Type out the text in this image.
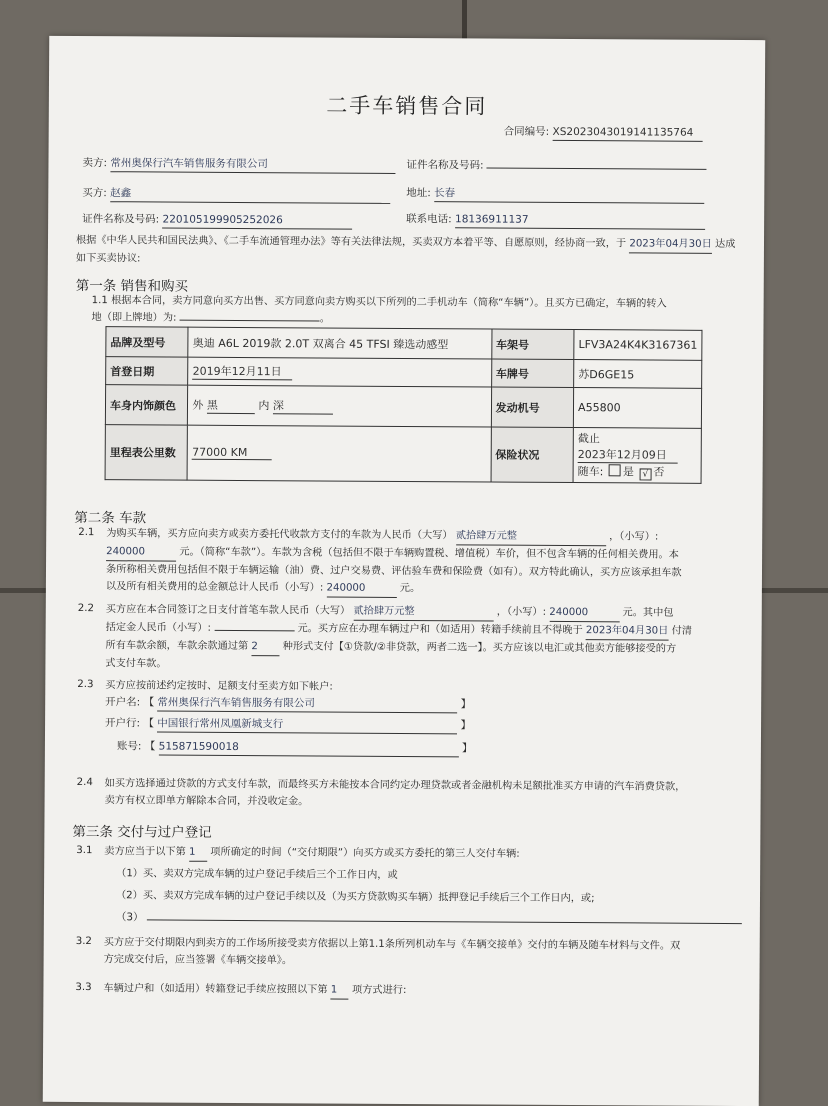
二手车销售合同
合同编号: XS20230430191411357​64
卖方: 常州奥保行汽车销售服务有限公司	证件名称及号码:
买方: 赵鑫	地址: 长春
证件名称及号码: 220105199905252026	联系电话: 18136911137
根据《中华人民共和国民法典》、《二手车流通管理办法》等有关法律法规，买卖双方本着平等、自愿原则，经协商一致，于 2023年04月30日 达成如下买卖协议:
第一条 销售和购买
1.1 根据本合同，卖方同意向买方出售、买方同意向卖方购买以下所列的二手机动车（简称“车辆”）。且买方已确定，车辆的转入
地（即上牌地）为:	。
品牌及型号	奥迪 A6L 2019款 2.0T 双离合 45 TFSI 臻选动感型	车架号	LFV3A24K4K3167361
首登日期	2019年12月11日	车牌号	苏D6GE15
车身内饰颜色	外 黑 内 深	发动机号	A55800
里程表公里数	77000 KM	保险状况	截止 2023年12月09日
随车: 是 √ 否
第二条 车款
2.1 为购买车辆，买方应向卖方或卖方委托代收款方支付的车款为人民币（大写） 贰拾肆万元整	，（小写）:
240000	元。（简称“车款”）。车款为含税（包括但不限于车辆购置税、增值税）车价，但不包含车辆的任何相关费用。本
条所称相关费用包括但不限于车辆运输（油）费、过户交易费、评估验车费和保险费（如有）。双方特此确认，买方应该承担车款
以及所有相关费用的总金额总计人民币（小写）: 240000	元。
2.2 买方应在本合同签订之日支付首笔车款人民币（大写） 贰拾肆万元整	，（小写）: 240000	元。其中包
括定金人民币（小写）:	元。买方应在办理车辆过户和（如适用）转籍手续前且不得晚于 2023年04月30日 付清
所有车款余额，车款余款通过第 2 种形式支付【①贷款/②非贷款，两者二选一】。买方应该以电汇或其他卖方能够接受的方
式支付车款。
2.3 买方应按前述约定按时、足额支付至卖方如下帐户:
开户名: 【 常州奥保行汽车销售服务有限公司	】
开户行: 【 中国银行常州凤凰新城支行	】
账号: 【 515871590018	】
2.4 如买方选择通过贷款的方式支付车款，而最终买方未能按本合同约定办理贷款或者金融机构未足额批准买方申请的汽车消费贷款，
卖方有权立即单方解除本合同，并没收定金。
第三条 交付与过户登记
3.1 卖方应当于以下第 1 项所确定的时间（“交付期限”）向买方或买方委托的第三人交付车辆:
（1）买、卖双方完成车辆的过户登记手续后三个工作日内，或
（2）买、卖双方完成车辆的过户登记手续以及（为买方贷款购买车辆）抵押登记手续后三个工作日内，或;
（3）
3.2 买方应于交付期限内到卖方的工作场所接受卖方依据以上第1.1条所列机动车与《车辆交接单》交付的车辆及随车材料与文件。双
方完成交付后，应当签署《车辆交接单》。
3.3 车辆过户和（如适用）转籍登记手续应按照以下第 1 项方式进行:
